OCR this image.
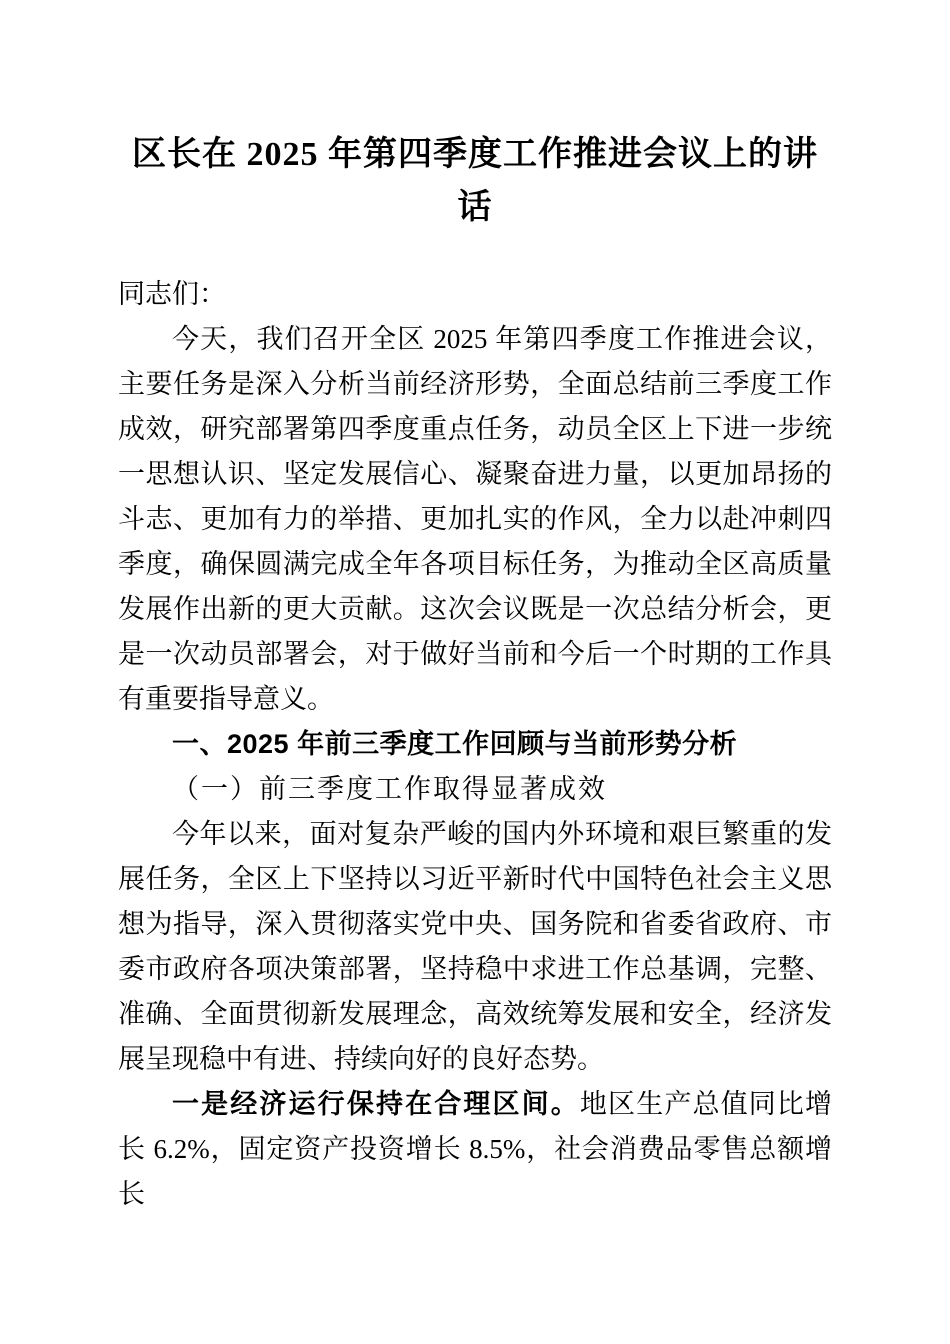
区长在 2025 年第四季度工作推进会议上的讲话

同志们：

今天，我们召开全区 2025 年第四季度工作推进会议，主要任务是深入分析当前经济形势，全面总结前三季度工作成效，研究部署第四季度重点任务，动员全区上下进一步统一思想认识、坚定发展信心、凝聚奋进力量，以更加昂扬的斗志、更加有力的举措、更加扎实的作风，全力以赴冲刺四季度，确保圆满完成全年各项目标任务，为推动全区高质量发展作出新的更大贡献。这次会议既是一次总结分析会，更是一次动员部署会，对于做好当前和今后一个时期的工作具有重要指导意义。

一、2025 年前三季度工作回顾与当前形势分析

（一）前三季度工作取得显著成效

今年以来，面对复杂严峻的国内外环境和艰巨繁重的发展任务，全区上下坚持以习近平新时代中国特色社会主义思想为指导，深入贯彻落实党中央、国务院和省委省政府、市委市政府各项决策部署，坚持稳中求进工作总基调，完整、准确、全面贯彻新发展理念，高效统筹发展和安全，经济发展呈现稳中有进、持续向好的良好态势。

一是经济运行保持在合理区间。地区生产总值同比增长 6.2%，固定资产投资增长 8.5%，社会消费品零售总额增长
